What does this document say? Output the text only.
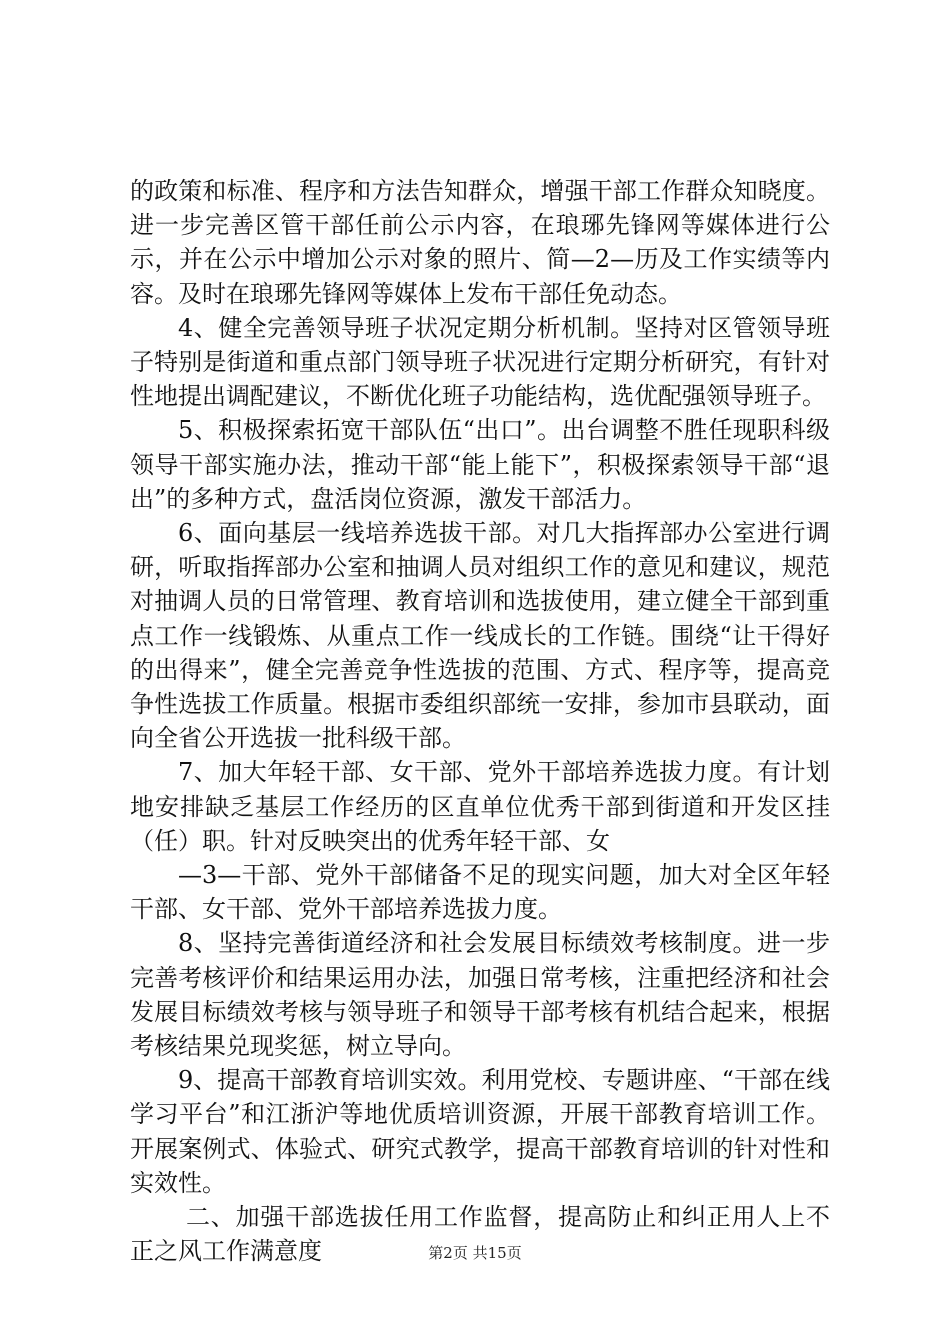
的政策和标准、程序和方法告知群众，增强干部工作群众知晓度。进一步完善区管干部任前公示内容，在琅琊先锋网等媒体进行公示，并在公示中增加公示对象的照片、简—2—历及工作实绩等内容。及时在琅琊先锋网等媒体上发布干部任免动态。

4、健全完善领导班子状况定期分析机制。坚持对区管领导班子特别是街道和重点部门领导班子状况进行定期分析研究，有针对性地提出调配建议，不断优化班子功能结构，选优配强领导班子。

5、积极探索拓宽干部队伍“出口”。出台调整不胜任现职科级领导干部实施办法，推动干部“能上能下”，积极探索领导干部“退出”的多种方式，盘活岗位资源，激发干部活力。

6、面向基层一线培养选拔干部。对几大指挥部办公室进行调研，听取指挥部办公室和抽调人员对组织工作的意见和建议，规范对抽调人员的日常管理、教育培训和选拔使用，建立健全干部到重点工作一线锻炼、从重点工作一线成长的工作链。围绕“让干得好的出得来”，健全完善竞争性选拔的范围、方式、程序等，提高竞争性选拔工作质量。根据市委组织部统一安排，参加市县联动，面向全省公开选拔一批科级干部。

7、加大年轻干部、女干部、党外干部培养选拔力度。有计划地安排缺乏基层工作经历的区直单位优秀干部到街道和开发区挂（任）职。针对反映突出的优秀年轻干部、女

—3—干部、党外干部储备不足的现实问题，加大对全区年轻干部、女干部、党外干部培养选拔力度。

8、坚持完善街道经济和社会发展目标绩效考核制度。进一步完善考核评价和结果运用办法，加强日常考核，注重把经济和社会发展目标绩效考核与领导班子和领导干部考核有机结合起来，根据考核结果兑现奖惩，树立导向。

9、提高干部教育培训实效。利用党校、专题讲座、“干部在线学习平台”和江浙沪等地优质培训资源，开展干部教育培训工作。开展案例式、体验式、研究式教学，提高干部教育培训的针对性和实效性。

二、加强干部选拔任用工作监督，提高防止和纠正用人上不正之风工作满意度	第2页 共15页
